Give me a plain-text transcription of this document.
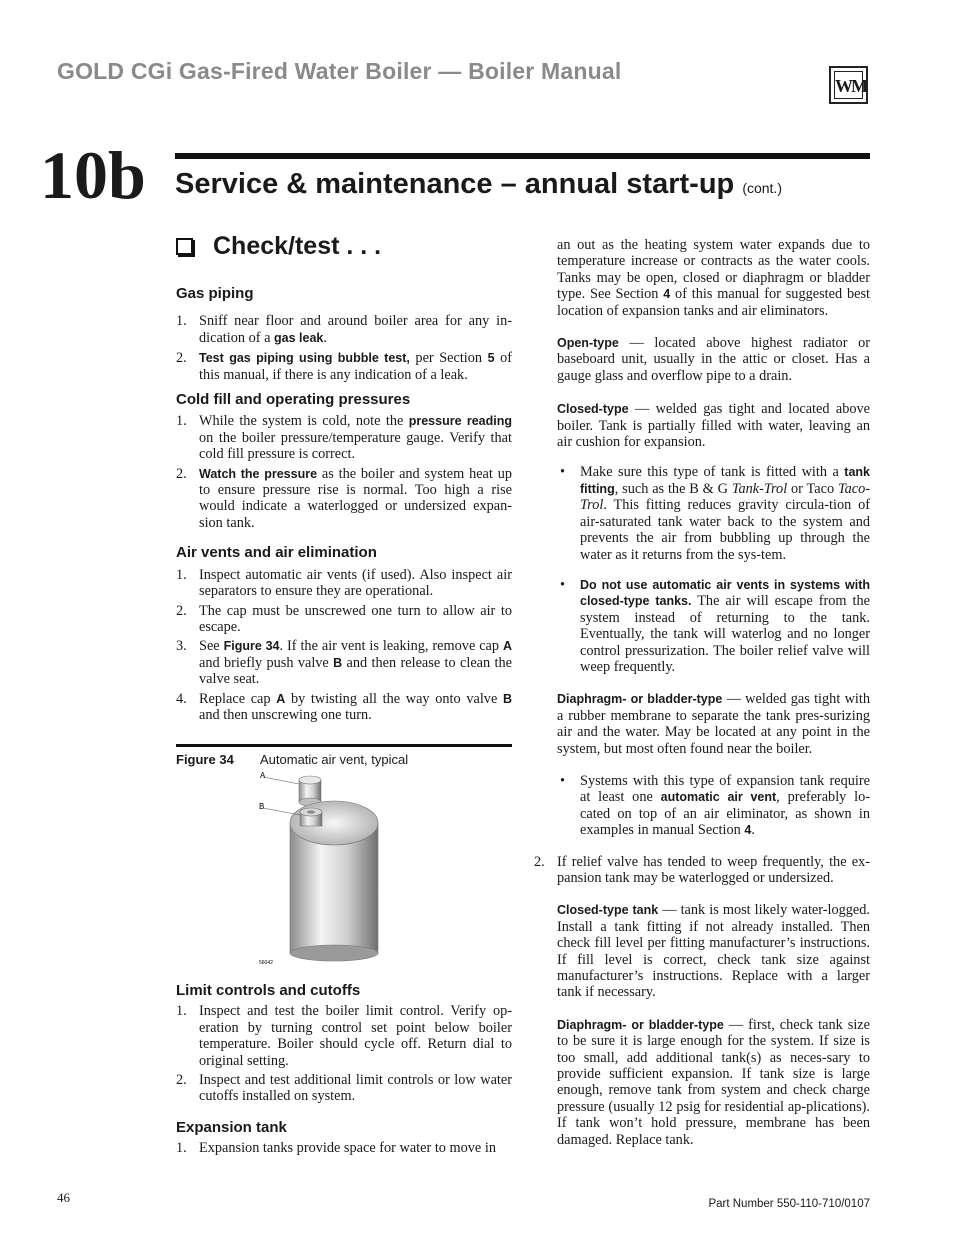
GOLD CGi Gas-Fired Water Boiler — Boiler Manual
WM
10b Service & maintenance – annual start-up (cont.)
Check/test . . .
Gas piping
1. Sniff near floor and around boiler area for any in-dication of a gas leak.
2. Test gas piping using bubble test, per Section 5 of this manual, if there is any indication of a leak.
Cold fill and operating pressures
1. While the system is cold, note the pressure reading on the boiler pressure/temperature gauge. Verify that cold fill pressure is correct.
2. Watch the pressure as the boiler and system heat up to ensure pressure rise is normal. Too high a rise would indicate a waterlogged or undersized expan-sion tank.
Air vents and air elimination
1. Inspect automatic air vents (if used). Also inspect air separators to ensure they are operational.
2. The cap must be unscrewed one turn to allow air to escape.
3. See Figure 34. If the air vent is leaking, remove cap A and briefly push valve B and then release to clean the valve seat.
4. Replace cap A by twisting all the way onto valve B and then unscrewing one turn.
Figure 34 Automatic air vent, typical
A
B
56042
Limit controls and cutoffs
1. Inspect and test the boiler limit control. Verify op-eration by turning control set point below boiler temperature. Boiler should cycle off. Return dial to original setting.
2. Inspect and test additional limit controls or low water cutoffs installed on system.
Expansion tank
1. Expansion tanks provide space for water to move in
an out as the heating system water expands due to temperature increase or contracts as the water cools. Tanks may be open, closed or diaphragm or bladder type. See Section 4 of this manual for suggested best location of expansion tanks and air eliminators.
Open-type — located above highest radiator or baseboard unit, usually in the attic or closet. Has a gauge glass and overflow pipe to a drain.
Closed-type — welded gas tight and located above boiler. Tank is partially filled with water, leaving an air cushion for expansion.
• Make sure this type of tank is fitted with a tank fitting, such as the B & G Tank-Trol or Taco Taco-Trol. This fitting reduces gravity circula-tion of air-saturated tank water back to the system and prevents the air from bubbling up through the water as it returns from the sys-tem.
• Do not use automatic air vents in systems with closed-type tanks. The air will escape from the system instead of returning to the tank. Eventually, the tank will waterlog and no longer control pressurization. The boiler relief valve will weep frequently.
Diaphragm- or bladder-type — welded gas tight with a rubber membrane to separate the tank pres-surizing air and the water. May be located at any point in the system, but most often found near the boiler.
• Systems with this type of expansion tank require at least one automatic air vent, preferably lo-cated on top of an air eliminator, as shown in examples in manual Section 4.
2. If relief valve has tended to weep frequently, the ex-pansion tank may be waterlogged or undersized.
Closed-type tank — tank is most likely water-logged. Install a tank fitting if not already installed. Then check fill level per fitting manufacturer’s instructions. If fill level is correct, check tank size against manufacturer’s instructions. Replace with a larger tank if necessary.
Diaphragm- or bladder-type — first, check tank size to be sure it is large enough for the system. If size is too small, add additional tank(s) as neces-sary to provide sufficient expansion. If tank size is large enough, remove tank from system and check charge pressure (usually 12 psig for residential ap-plications). If tank won’t hold pressure, membrane has been damaged. Replace tank.
46	Part Number 550-110-710/0107
